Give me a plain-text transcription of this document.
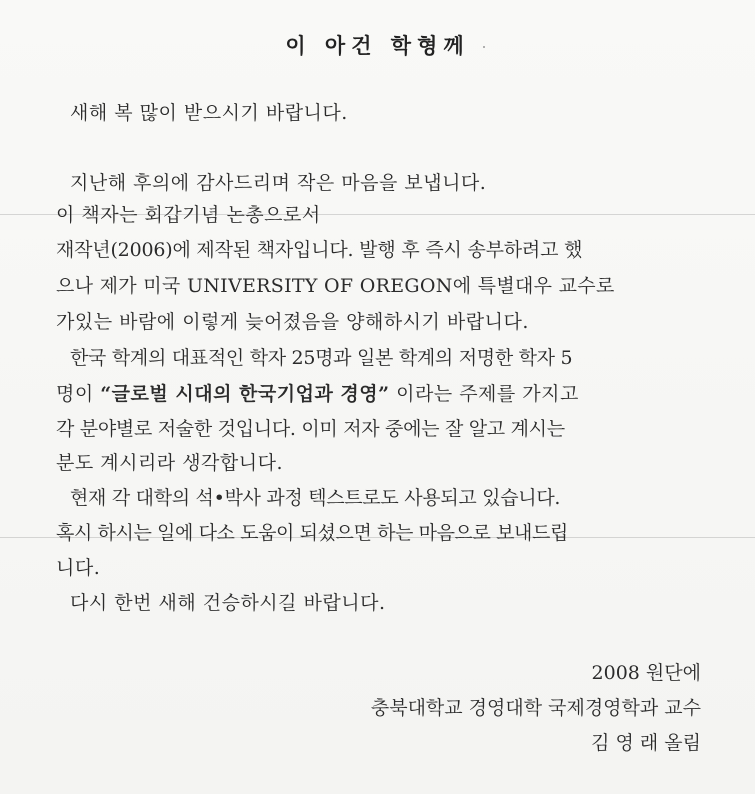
이 아건 학형께
새해 복 많이 받으시기 바랍니다.
지난해 후의에 감사드리며 작은 마음을 보냅니다.
이 책자는 회갑기념 논총으로서
재작년(2006)에 제작된 책자입니다. 발행 후 즉시 송부하려고 했
으나 제가 미국 UNIVERSITY OF OREGON에 특별대우 교수로
가있는 바람에 이렇게 늦어졌음을 양해하시기 바랍니다.
한국 학계의 대표적인 학자 25명과 일본 학계의 저명한 학자 5
명이 “글로벌 시대의 한국기업과 경영” 이라는 주제를 가지고
각 분야별로 저술한 것입니다. 이미 저자 중에는 잘 알고 계시는
분도 계시리라 생각합니다.
현재 각 대학의 석•박사 과정 텍스트로도 사용되고 있습니다.
혹시 하시는 일에 다소 도움이 되셨으면 하는 마음으로 보내드립
니다.
다시 한번 새해 건승하시길 바랍니다.
2008 원단에
충북대학교 경영대학 국제경영학과 교수
김 영 래 올림
